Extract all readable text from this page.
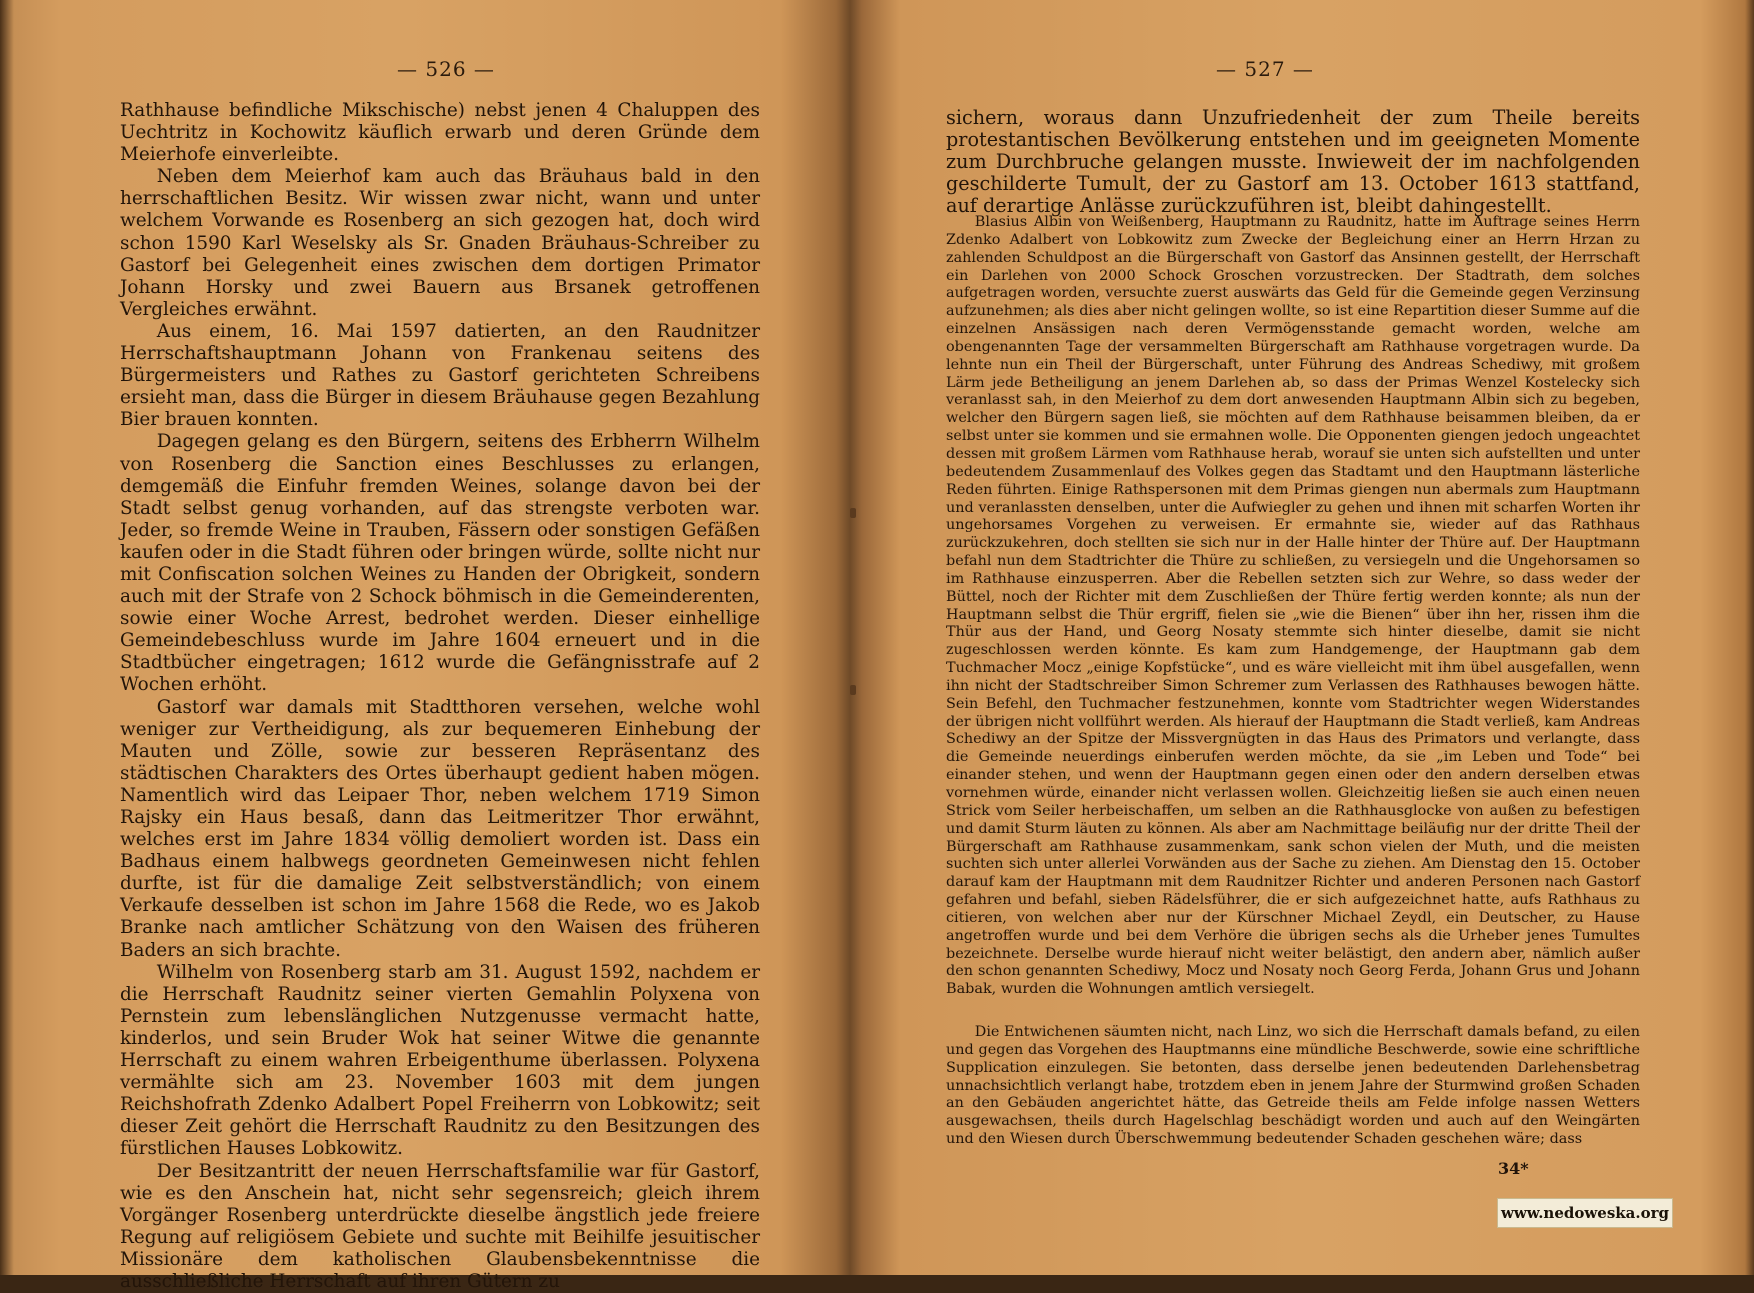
— 526 —

Rathhause befindliche Mikschische) nebst jenen 4 Chaluppen des Uechtritz in Kochowitz käuflich erwarb und deren Gründe dem Meierhofe einverleibte.

Neben dem Meierhof kam auch das Bräuhaus bald in den herrschaftlichen Besitz. Wir wissen zwar nicht, wann und unter welchem Vorwande es Rosenberg an sich gezogen hat, doch wird schon 1590 Karl Weselsky als Sr. Gnaden Bräuhaus-Schreiber zu Gastorf bei Gelegenheit eines zwischen dem dortigen Primator Johann Horsky und zwei Bauern aus Brsanek getroffenen Vergleiches erwähnt.

Aus einem, 16. Mai 1597 datierten, an den Raudnitzer Herrschaftshauptmann Johann von Frankenau seitens des Bürgermeisters und Rathes zu Gastorf gerichteten Schreibens ersieht man, dass die Bürger in diesem Bräuhause gegen Bezahlung Bier brauen konnten.

Dagegen gelang es den Bürgern, seitens des Erbherrn Wilhelm von Rosenberg die Sanction eines Beschlusses zu erlangen, demgemäß die Einfuhr fremden Weines, solange davon bei der Stadt selbst genug vorhanden, auf das strengste verboten war. Jeder, so fremde Weine in Trauben, Fässern oder sonstigen Gefäßen kaufen oder in die Stadt führen oder bringen würde, sollte nicht nur mit Confiscation solchen Weines zu Handen der Obrigkeit, sondern auch mit der Strafe von 2 Schock böhmisch in die Gemeinderenten, sowie einer Woche Arrest, bedrohet werden. Dieser einhellige Gemeindebeschluss wurde im Jahre 1604 erneuert und in die Stadtbücher eingetragen; 1612 wurde die Gefängnisstrafe auf 2 Wochen erhöht.

Gastorf war damals mit Stadtthoren versehen, welche wohl weniger zur Vertheidigung, als zur bequemeren Einhebung der Mauten und Zölle, sowie zur besseren Repräsentanz des städtischen Charakters des Ortes überhaupt gedient haben mögen. Namentlich wird das Leipaer Thor, neben welchem 1719 Simon Rajsky ein Haus besaß, dann das Leitmeritzer Thor erwähnt, welches erst im Jahre 1834 völlig demoliert worden ist. Dass ein Badhaus einem halbwegs geordneten Gemeinwesen nicht fehlen durfte, ist für die damalige Zeit selbstverständlich; von einem Verkaufe desselben ist schon im Jahre 1568 die Rede, wo es Jakob Branke nach amtlicher Schätzung von den Waisen des früheren Baders an sich brachte.

Wilhelm von Rosenberg starb am 31. August 1592, nachdem er die Herrschaft Raudnitz seiner vierten Gemahlin Polyxena von Pernstein zum lebenslänglichen Nutzgenusse vermacht hatte, kinderlos, und sein Bruder Wok hat seiner Witwe die genannte Herrschaft zu einem wahren Erbeigenthume überlassen. Polyxena vermählte sich am 23. November 1603 mit dem jungen Reichshofrath Zdenko Adalbert Popel Freiherrn von Lobkowitz; seit dieser Zeit gehört die Herrschaft Raudnitz zu den Besitzungen des fürstlichen Hauses Lobkowitz.

Der Besitzantritt der neuen Herrschaftsfamilie war für Gastorf, wie es den Anschein hat, nicht sehr segensreich; gleich ihrem Vorgänger Rosenberg unterdrückte dieselbe ängstlich jede freiere Regung auf religiösem Gebiete und suchte mit Beihilfe jesuitischer Missionäre dem katholischen Glaubensbekenntnisse die ausschließliche Herrschaft auf ihren Gütern zu

— 527 —

sichern, woraus dann Unzufriedenheit der zum Theile bereits protestantischen Bevölkerung entstehen und im geeigneten Momente zum Durchbruche gelangen musste. Inwieweit der im nachfolgenden geschilderte Tumult, der zu Gastorf am 13. October 1613 stattfand, auf derartige Anlässe zurückzuführen ist, bleibt dahingestellt.

Blasius Albin von Weißenberg, Hauptmann zu Raudnitz, hatte im Auftrage seines Herrn Zdenko Adalbert von Lobkowitz zum Zwecke der Begleichung einer an Herrn Hrzan zu zahlenden Schuldpost an die Bürgerschaft von Gastorf das Ansinnen gestellt, der Herrschaft ein Darlehen von 2000 Schock Groschen vorzustrecken. Der Stadtrath, dem solches aufgetragen worden, versuchte zuerst auswärts das Geld für die Gemeinde gegen Verzinsung aufzunehmen; als dies aber nicht gelingen wollte, so ist eine Repartition dieser Summe auf die einzelnen Ansässigen nach deren Vermögensstande gemacht worden, welche am obengenannten Tage der versammelten Bürgerschaft am Rathhause vorgetragen wurde. Da lehnte nun ein Theil der Bürgerschaft, unter Führung des Andreas Schediwy, mit großem Lärm jede Betheiligung an jenem Darlehen ab, so dass der Primas Wenzel Kostelecky sich veranlasst sah, in den Meierhof zu dem dort anwesenden Hauptmann Albin sich zu begeben, welcher den Bürgern sagen ließ, sie möchten auf dem Rathhause beisammen bleiben, da er selbst unter sie kommen und sie ermahnen wolle. Die Opponenten giengen jedoch ungeachtet dessen mit großem Lärmen vom Rathhause herab, worauf sie unten sich aufstellten und unter bedeutendem Zusammenlauf des Volkes gegen das Stadtamt und den Hauptmann lästerliche Reden führten. Einige Rathspersonen mit dem Primas giengen nun abermals zum Hauptmann und veranlassten denselben, unter die Aufwiegler zu gehen und ihnen mit scharfen Worten ihr ungehorsames Vorgehen zu verweisen. Er ermahnte sie, wieder auf das Rathhaus zurückzukehren, doch stellten sie sich nur in der Halle hinter der Thüre auf. Der Hauptmann befahl nun dem Stadtrichter die Thüre zu schließen, zu versiegeln und die Ungehorsamen so im Rathhause einzusperren. Aber die Rebellen setzten sich zur Wehre, so dass weder der Büttel, noch der Richter mit dem Zuschließen der Thüre fertig werden konnte; als nun der Hauptmann selbst die Thür ergriff, fielen sie „wie die Bienen“ über ihn her, rissen ihm die Thür aus der Hand, und Georg Nosaty stemmte sich hinter dieselbe, damit sie nicht zugeschlossen werden könnte. Es kam zum Handgemenge, der Hauptmann gab dem Tuchmacher Mocz „einige Kopfstücke“, und es wäre vielleicht mit ihm übel ausgefallen, wenn ihn nicht der Stadtschreiber Simon Schremer zum Verlassen des Rathhauses bewogen hätte. Sein Befehl, den Tuchmacher festzunehmen, konnte vom Stadtrichter wegen Widerstandes der übrigen nicht vollführt werden. Als hierauf der Hauptmann die Stadt verließ, kam Andreas Schediwy an der Spitze der Missvergnügten in das Haus des Primators und verlangte, dass die Gemeinde neuerdings einberufen werden möchte, da sie „im Leben und Tode“ bei einander stehen, und wenn der Hauptmann gegen einen oder den andern derselben etwas vornehmen würde, einander nicht verlassen wollen. Gleichzeitig ließen sie auch einen neuen Strick vom Seiler herbeischaffen, um selben an die Rathhausglocke von außen zu befestigen und damit Sturm läuten zu können. Als aber am Nachmittage beiläufig nur der dritte Theil der Bürgerschaft am Rathhause zusammenkam, sank schon vielen der Muth, und die meisten suchten sich unter allerlei Vorwänden aus der Sache zu ziehen. Am Dienstag den 15. October darauf kam der Hauptmann mit dem Raudnitzer Richter und anderen Personen nach Gastorf gefahren und befahl, sieben Rädelsführer, die er sich aufgezeichnet hatte, aufs Rathhaus zu citieren, von welchen aber nur der Kürschner Michael Zeydl, ein Deutscher, zu Hause angetroffen wurde und bei dem Verhöre die übrigen sechs als die Urheber jenes Tumultes bezeichnete. Derselbe wurde hierauf nicht weiter belästigt, den andern aber, nämlich außer den schon genannten Schediwy, Mocz und Nosaty noch Georg Ferda, Johann Grus und Johann Babak, wurden die Wohnungen amtlich versiegelt.

Die Entwichenen säumten nicht, nach Linz, wo sich die Herrschaft damals befand, zu eilen und gegen das Vorgehen des Hauptmanns eine mündliche Beschwerde, sowie eine schriftliche Supplication einzulegen. Sie betonten, dass derselbe jenen bedeutenden Darlehensbetrag unnachsichtlich verlangt habe, trotzdem eben in jenem Jahre der Sturmwind großen Schaden an den Gebäuden angerichtet hätte, das Getreide theils am Felde infolge nassen Wetters ausgewachsen, theils durch Hagelschlag beschädigt worden und auch auf den Weingärten und den Wiesen durch Überschwemmung bedeutender Schaden geschehen wäre; dass

34*
www.nedoweska.org
